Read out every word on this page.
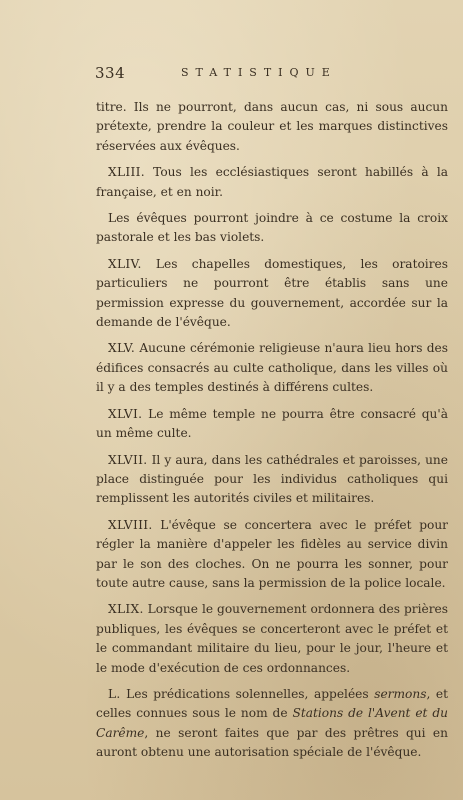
334	STATISTIQUE

titre. Ils ne pourront, dans aucun cas, ni sous aucun prétexte, prendre la couleur et les marques distinctives réservées aux évêques.

XLIII. Tous les ecclésiastiques seront habillés à la française, et en noir.

Les évêques pourront joindre à ce costume la croix pastorale et les bas violets.

XLIV. Les chapelles domestiques, les oratoires particuliers ne pourront être établis sans une permission expresse du gouvernement, accordée sur la demande de l'évêque.

XLV. Aucune cérémonie religieuse n'aura lieu hors des édifices consacrés au culte catholique, dans les villes où il y a des temples destinés à différens cultes.

XLVI. Le même temple ne pourra être consacré qu'à un même culte.

XLVII. Il y aura, dans les cathédrales et paroisses, une place distinguée pour les individus catholiques qui remplissent les autorités civiles et militaires.

XLVIII. L'évêque se concertera avec le préfet pour régler la manière d'appeler les fidèles au service divin par le son des cloches. On ne pourra les sonner, pour toute autre cause, sans la permission de la police locale.

XLIX. Lorsque le gouvernement ordonnera des prières publiques, les évêques se concerteront avec le préfet et le commandant militaire du lieu, pour le jour, l'heure et le mode d'exécution de ces ordonnances.

L. Les prédications solennelles, appelées sermons, et celles connues sous le nom de Stations de l'Avent et du Carême, ne seront faites que par des prêtres qui en auront obtenu une autorisation spéciale de l'évêque.
